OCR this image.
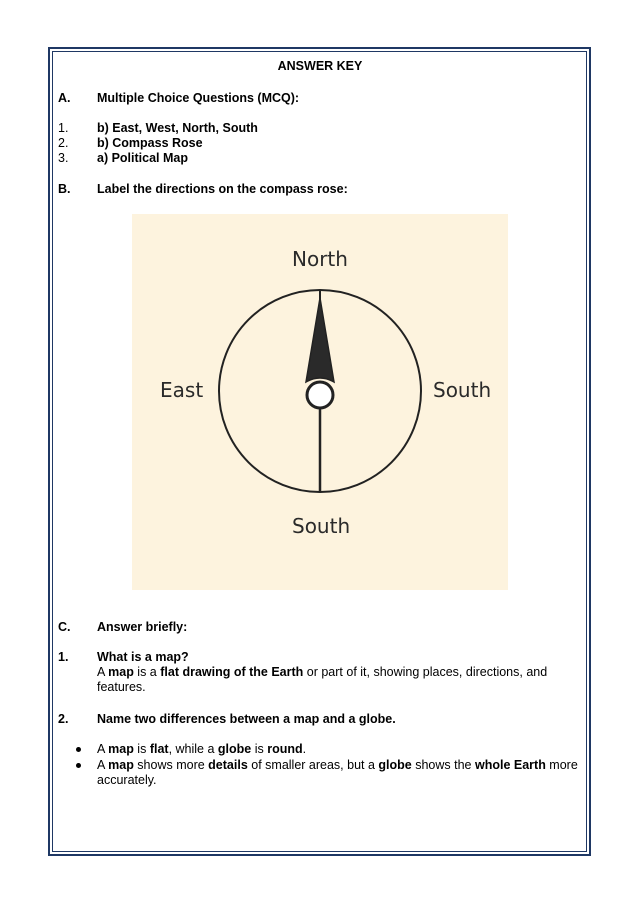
ANSWER KEY
A. Multiple Choice Questions (MCQ):
1. b) East, West, North, South
2. b) Compass Rose
3. a) Political Map
B. Label the directions on the compass rose:
North
East	South
South
C. Answer briefly:
1. What is a map?
A map is a flat drawing of the Earth or part of it, showing places, directions, and features.
2. Name two differences between a map and a globe.
A map is flat, while a globe is round.
A map shows more details of smaller areas, but a globe shows the whole Earth more accurately.
